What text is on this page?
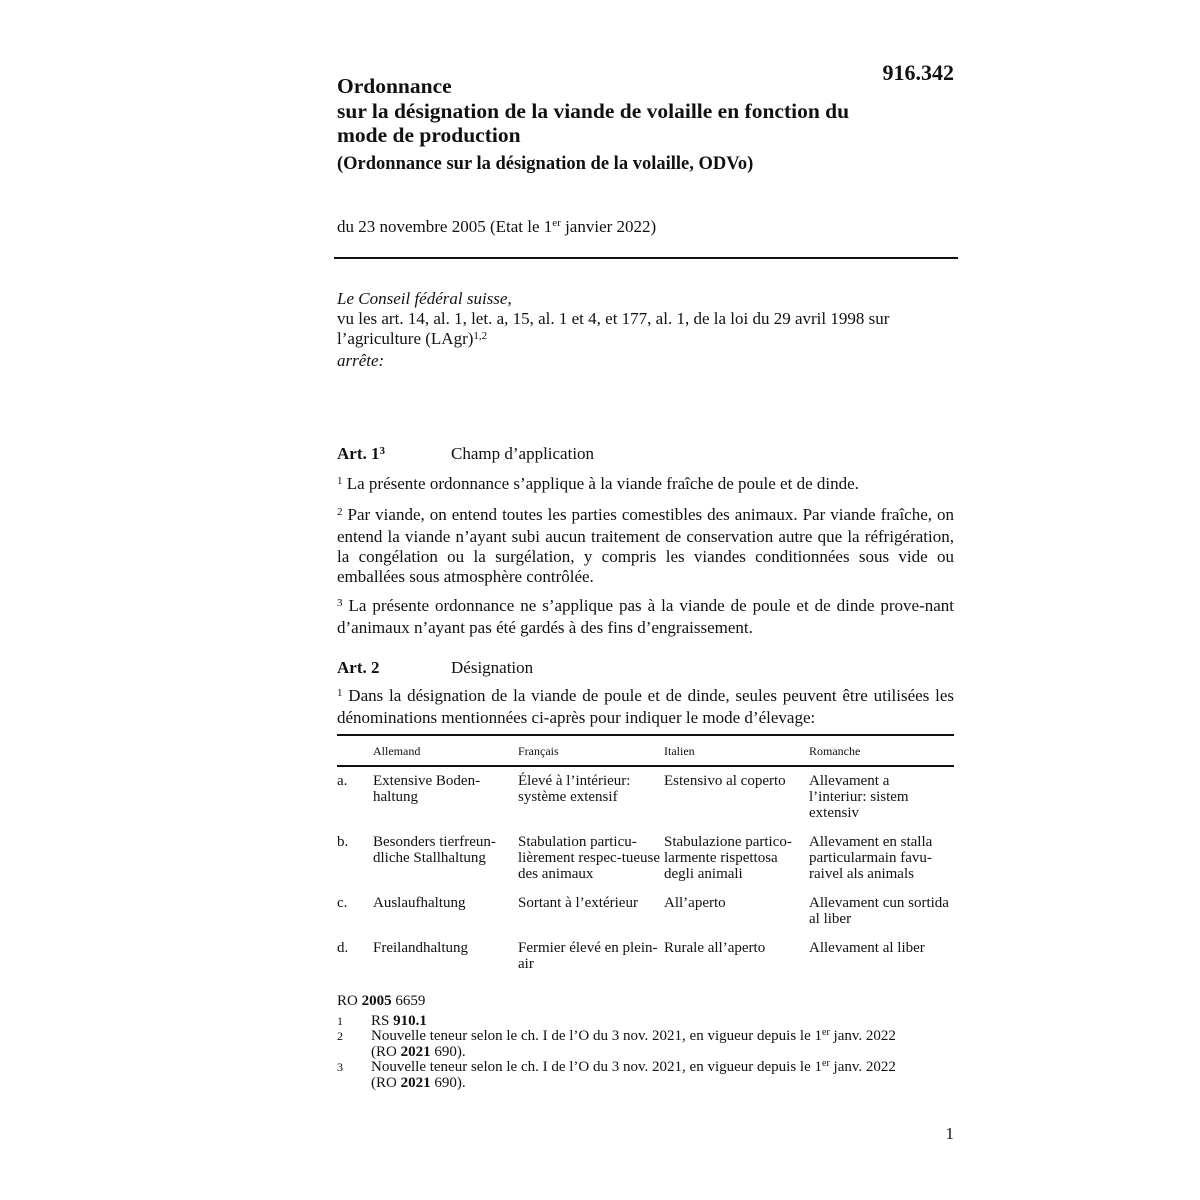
916.342
Ordonnance
sur la désignation de la viande de volaille en fonction du
mode de production
(Ordonnance sur la désignation de la volaille, ODVo)
du 23 novembre 2005 (Etat le 1er janvier 2022)

Le Conseil fédéral suisse,

vu les art. 14, al. 1, let. a, 15, al. 1 et 4, et 177, al. 1, de la loi du 29 avril 1998 sur

l’agriculture (LAgr)$^{1,2}$

arrête:

Art. 1$^3$	Champ d’application

$^1$ La présente ordonnance s’applique à la viande fraîche de poule et de dinde.

$^2$ Par viande, on entend toutes les parties comestibles des animaux. Par viande fraîche, on entend la viande n’ayant subi aucun traitement de conservation autre que la réfrigération, la congélation ou la surgélation, y compris les viandes conditionnées sous vide ou emballées sous atmosphère contrôlée.

$^3$ La présente ordonnance ne s’applique pas à la viande de poule et de dinde prove-nant d’animaux n’ayant pas été gardés à des fins d’engraissement.

Art. 2	Désignation

$^1$ Dans la désignation de la viande de poule et de dinde, seules peuvent être utilisées les dénominations mentionnées ci-après pour indiquer le mode d’élevage:

	Allemand	Français	Italien	Romanche
a.	Extensive Boden-haltung	Élevé à l’intérieur: système extensif	Estensivo al coperto	Allevament a l’interiur: sistem extensiv
b.	Besonders tierfreun-dliche Stallhaltung	Stabulation particu-lièrement respec-tueuse des animaux	Stabulazione partico-larmente rispettosa degli animali	Allevament en stalla particularmain favu-raivel als animals
c.	Auslaufhaltung	Sortant à l’extérieur	All’aperto	Allevament cun sortida al liber
d.	Freilandhaltung	Fermier élevé en plein-air	Rurale all’aperto	Allevament al liber
RO 2005 6659
1	RS 910.1
2	Nouvelle teneur selon le ch. I de l’O du 3 nov. 2021, en vigueur depuis le 1er janv. 2022
(RO 2021 690).
3	Nouvelle teneur selon le ch. I de l’O du 3 nov. 2021, en vigueur depuis le 1er janv. 2022
(RO 2021 690).
1
